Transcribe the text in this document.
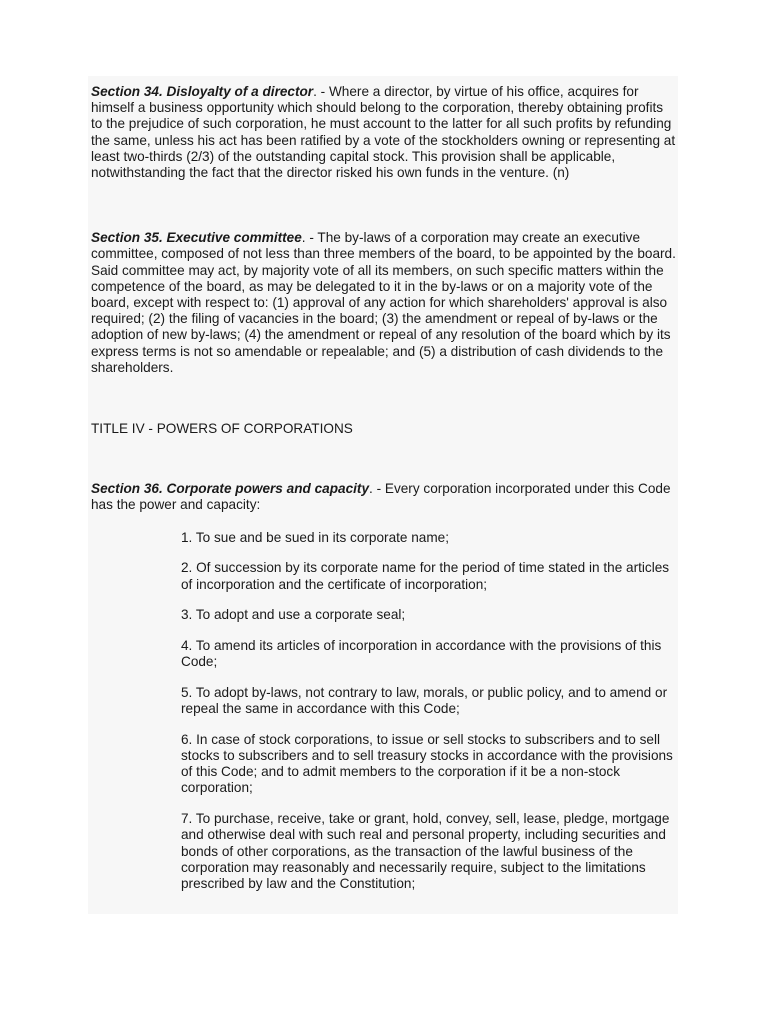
Section 34. Disloyalty of a director. - Where a director, by virtue of his office, acquires for himself a business opportunity which should belong to the corporation, thereby obtaining profits to the prejudice of such corporation, he must account to the latter for all such profits by refunding the same, unless his act has been ratified by a vote of the stockholders owning or representing at least two-thirds (2/3) of the outstanding capital stock. This provision shall be applicable, notwithstanding the fact that the director risked his own funds in the venture. (n)

Section 35. Executive committee. - The by-laws of a corporation may create an executive committee, composed of not less than three members of the board, to be appointed by the board. Said committee may act, by majority vote of all its members, on such specific matters within the competence of the board, as may be delegated to it in the by-laws or on a majority vote of the board, except with respect to: (1) approval of any action for which shareholders' approval is also required; (2) the filing of vacancies in the board; (3) the amendment or repeal of by-laws or the adoption of new by-laws; (4) the amendment or repeal of any resolution of the board which by its express terms is not so amendable or repealable; and (5) a distribution of cash dividends to the shareholders.

TITLE IV - POWERS OF CORPORATIONS

Section 36. Corporate powers and capacity. - Every corporation incorporated under this Code has the power and capacity:

1. To sue and be sued in its corporate name;
2. Of succession by its corporate name for the period of time stated in the articles of incorporation and the certificate of incorporation;
3. To adopt and use a corporate seal;
4. To amend its articles of incorporation in accordance with the provisions of this Code;
5. To adopt by-laws, not contrary to law, morals, or public policy, and to amend or repeal the same in accordance with this Code;
6. In case of stock corporations, to issue or sell stocks to subscribers and to sell stocks to subscribers and to sell treasury stocks in accordance with the provisions of this Code; and to admit members to the corporation if it be a non-stock corporation;
7. To purchase, receive, take or grant, hold, convey, sell, lease, pledge, mortgage and otherwise deal with such real and personal property, including securities and bonds of other corporations, as the transaction of the lawful business of the corporation may reasonably and necessarily require, subject to the limitations prescribed by law and the Constitution;
